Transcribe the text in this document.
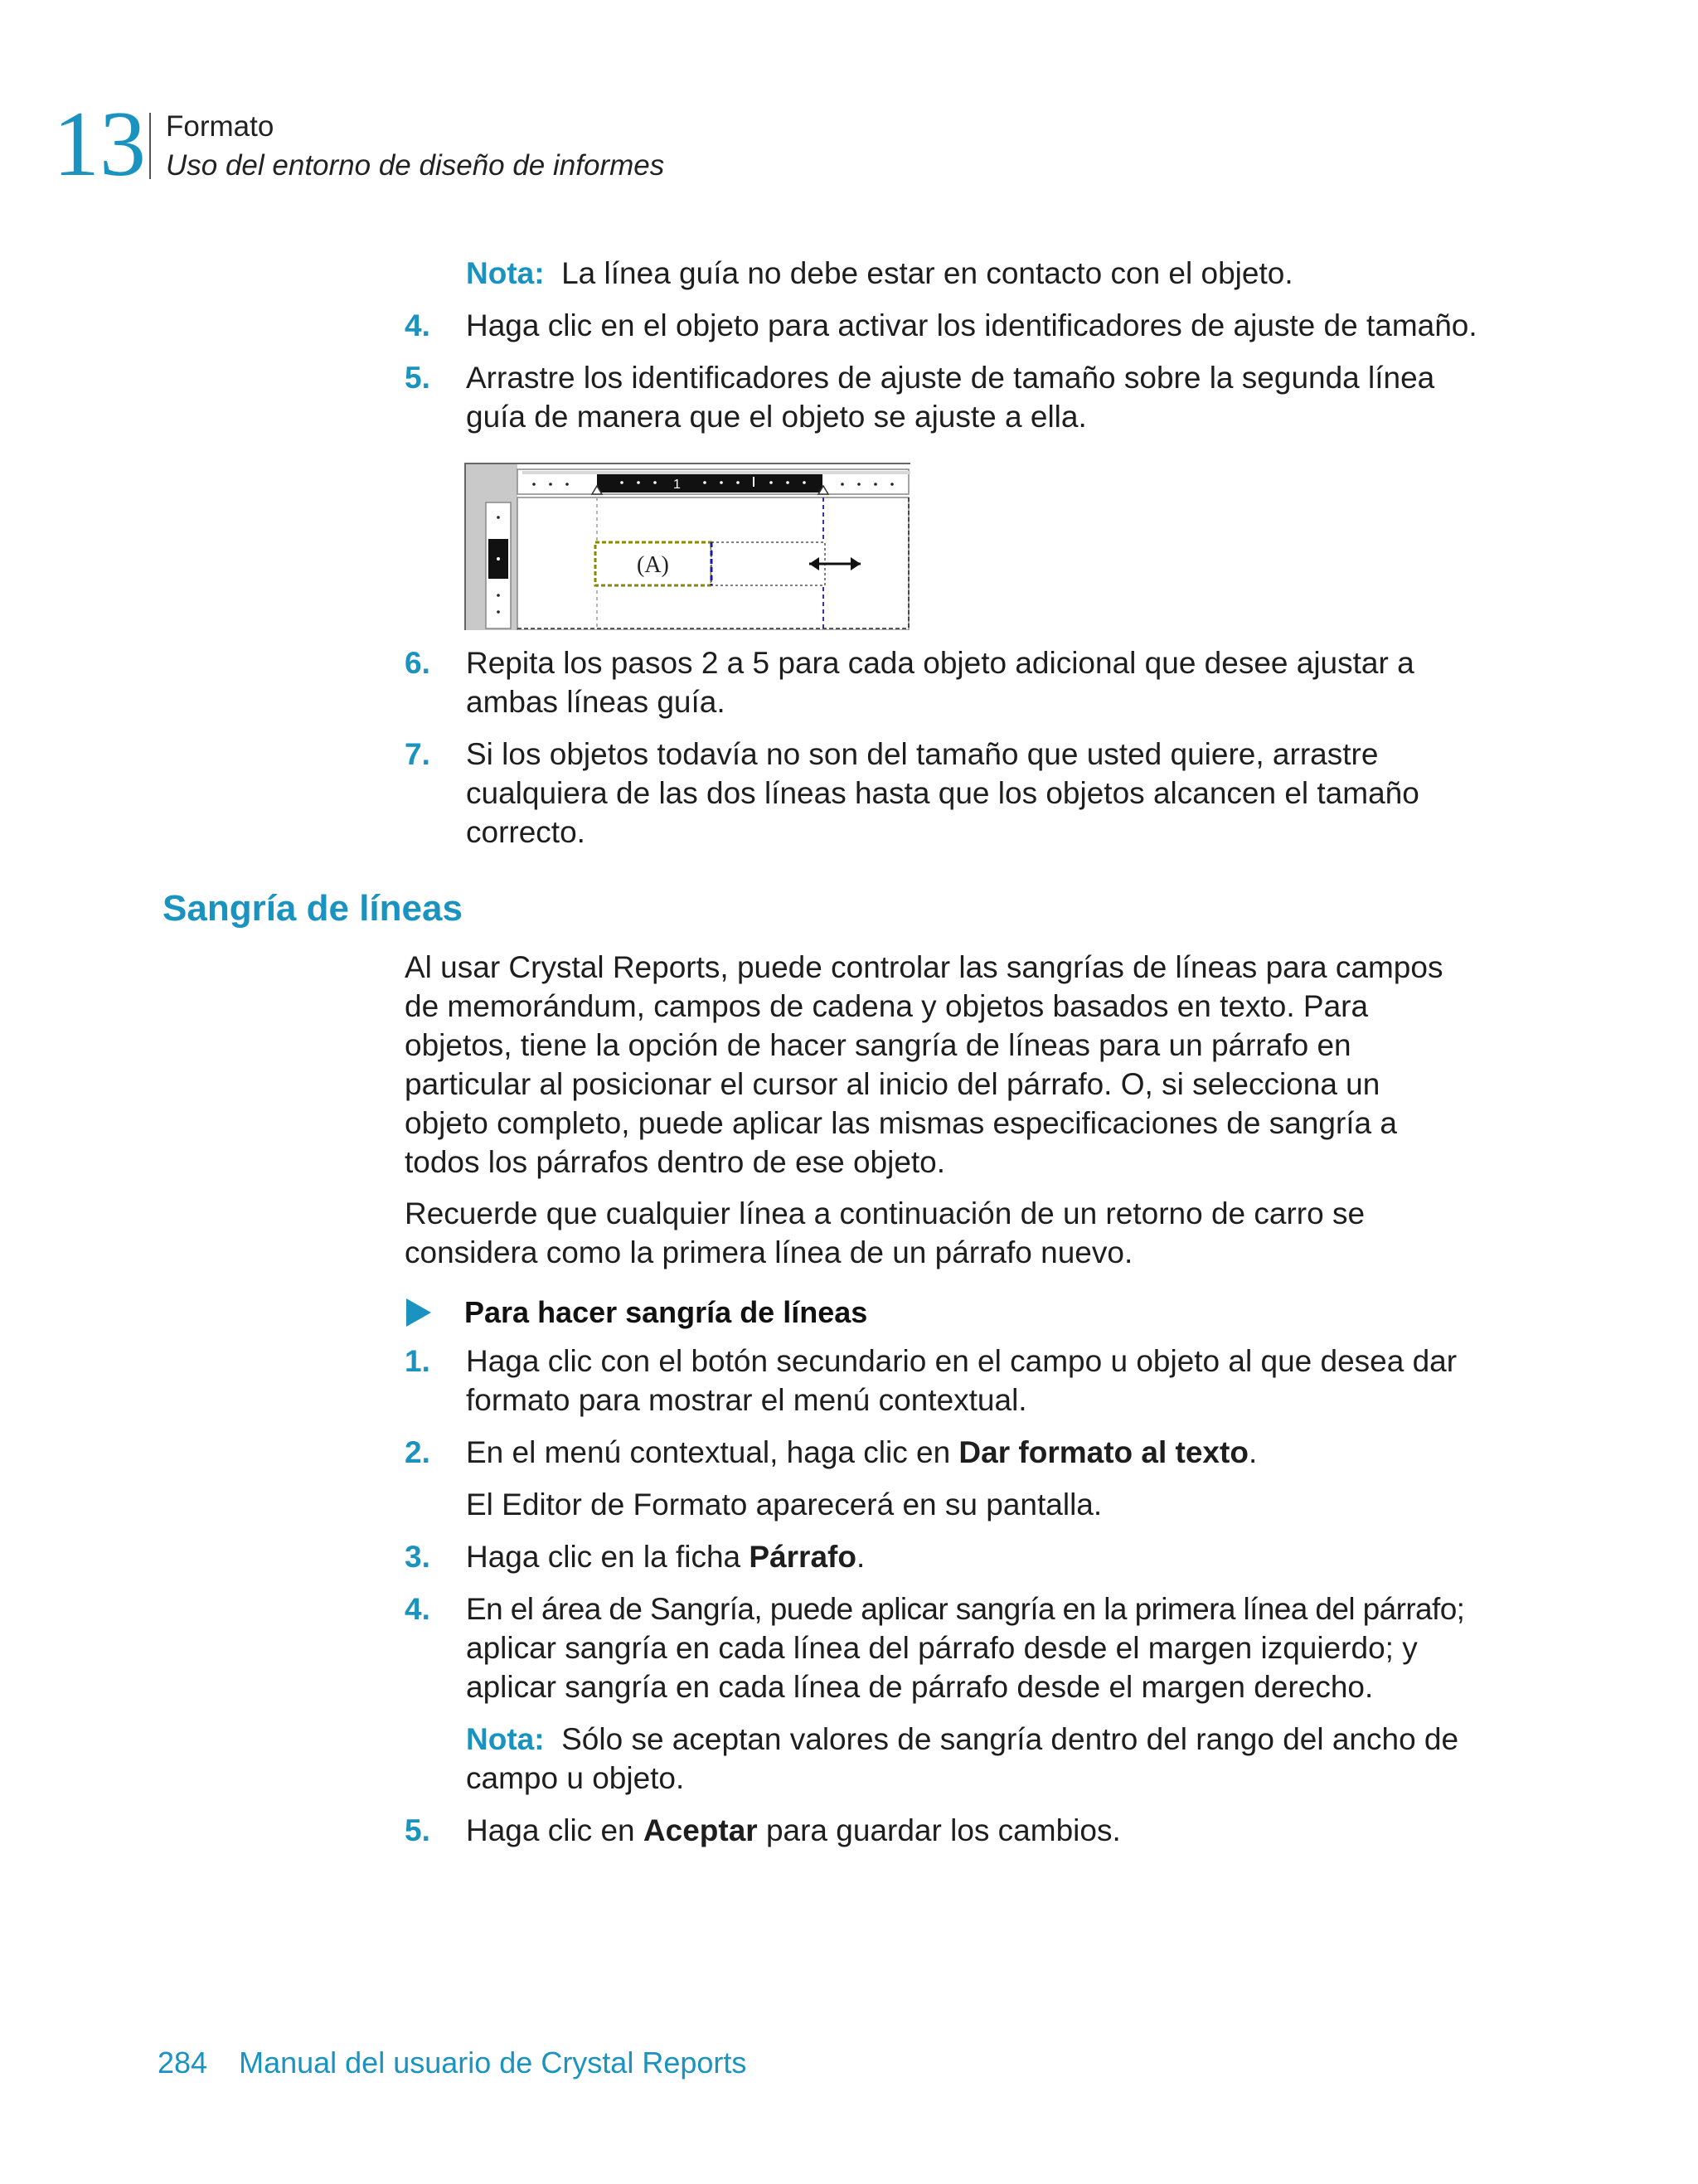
13 Formato
Uso del entorno de diseño de informes
Nota: La línea guía no debe estar en contacto con el objeto.
4. Haga clic en el objeto para activar los identificadores de ajuste de tamaño.
5. Arrastre los identificadores de ajuste de tamaño sobre la segunda línea
guía de manera que el objeto se ajuste a ella.
1
(A)
6. Repita los pasos 2 a 5 para cada objeto adicional que desee ajustar a
ambas líneas guía.
7. Si los objetos todavía no son del tamaño que usted quiere, arrastre
cualquiera de las dos líneas hasta que los objetos alcancen el tamaño
correcto.
Sangría de líneas
Al usar Crystal Reports, puede controlar las sangrías de líneas para campos
de memorándum, campos de cadena y objetos basados en texto. Para
objetos, tiene la opción de hacer sangría de líneas para un párrafo en
particular al posicionar el cursor al inicio del párrafo. O, si selecciona un
objeto completo, puede aplicar las mismas especificaciones de sangría a
todos los párrafos dentro de ese objeto.
Recuerde que cualquier línea a continuación de un retorno de carro se
considera como la primera línea de un párrafo nuevo.
Para hacer sangría de líneas
1. Haga clic con el botón secundario en el campo u objeto al que desea dar
formato para mostrar el menú contextual.
2. En el menú contextual, haga clic en Dar formato al texto.
El Editor de Formato aparecerá en su pantalla.
3. Haga clic en la ficha Párrafo.
4. En el área de Sangría, puede aplicar sangría en la primera línea del párrafo;
aplicar sangría en cada línea del párrafo desde el margen izquierdo; y
aplicar sangría en cada línea de párrafo desde el margen derecho.
Nota: Sólo se aceptan valores de sangría dentro del rango del ancho de
campo u objeto.
5. Haga clic en Aceptar para guardar los cambios.
284 Manual del usuario de Crystal Reports
